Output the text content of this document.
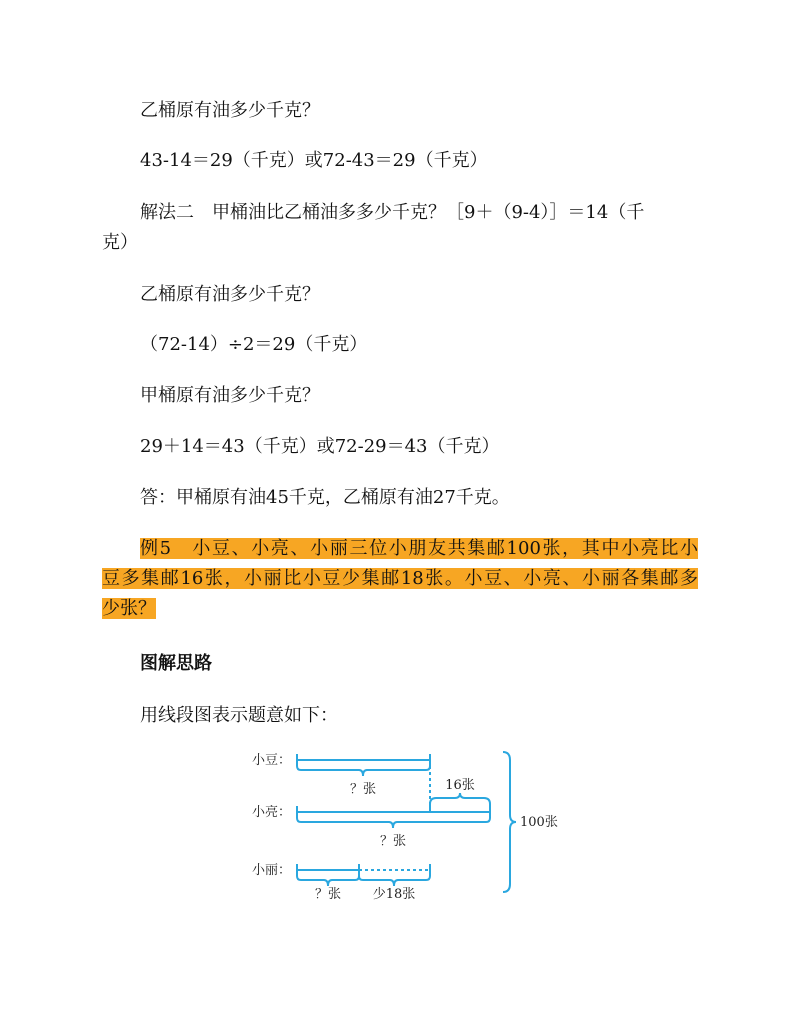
乙桶原有油多少千克？
43-14＝29（千克）或72-43＝29（千克）
解法二　甲桶油比乙桶油多多少千克？［9＋（9-4）］＝14（千
克）
乙桶原有油多少千克？
（72-14）÷2＝29（千克）
甲桶原有油多少千克？
29＋14＝43（千克）或72-29＝43（千克）
答：甲桶原有油45千克，乙桶原有油27千克。
例5　小豆、小亮、小丽三位小朋友共集邮100张，其中小亮比小
豆多集邮16张，小丽比小豆少集邮18张。小豆、小亮、小丽各集邮多
少张？
图解思路
用线段图表示题意如下：
小豆：
小亮：
小丽：
？张	16张
？张
？张 少18张
100张
